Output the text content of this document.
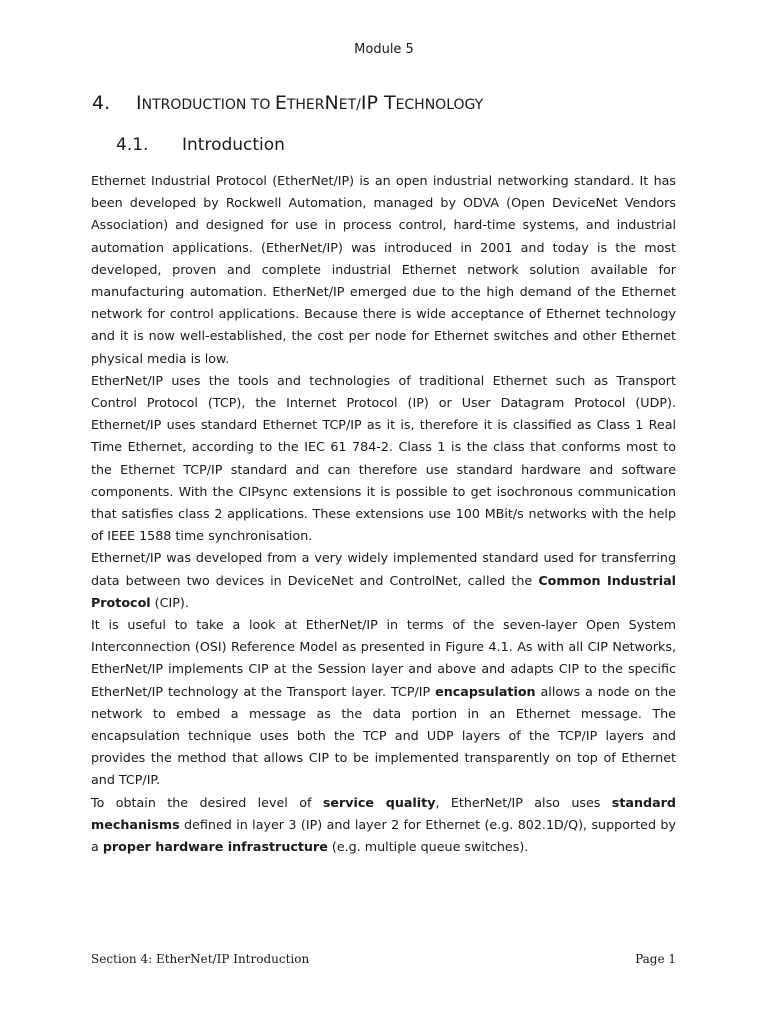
Module 5
4. INTRODUCTION TO ETHERNET/IP TECHNOLOGY
4.1. Introduction

Ethernet Industrial Protocol (EtherNet/IP) is an open industrial networking standard. It has been developed by Rockwell Automation, managed by ODVA (Open DeviceNet Vendors Association) and designed for use in process control, hard-time systems, and industrial automation applications. (EtherNet/IP) was introduced in 2001 and today is the most developed, proven and complete industrial Ethernet network solution available for manufacturing automation. EtherNet/IP emerged due to the high demand of the Ethernet network for control applications. Because there is wide acceptance of Ethernet technology and it is now well-established, the cost per node for Ethernet switches and other Ethernet physical media is low.

EtherNet/IP uses the tools and technologies of traditional Ethernet such as Transport Control Protocol (TCP), the Internet Protocol (IP) or User Datagram Protocol (UDP). Ethernet/IP uses standard Ethernet TCP/IP as it is, therefore it is classified as Class 1 Real Time Ethernet, according to the IEC 61 784-2. Class 1 is the class that conforms most to the Ethernet TCP/IP standard and can therefore use standard hardware and software components. With the CIPsync extensions it is possible to get isochronous communication that satisfies class 2 applications. These extensions use 100 MBit/s networks with the help of IEEE 1588 time synchronisation.

Ethernet/IP was developed from a very widely implemented standard used for transferring data between two devices in DeviceNet and ControlNet, called the Common Industrial Protocol (CIP).

It is useful to take a look at EtherNet/IP in terms of the seven-layer Open System Interconnection (OSI) Reference Model as presented in Figure 4.1. As with all CIP Networks, EtherNet/IP implements CIP at the Session layer and above and adapts CIP to the specific EtherNet/IP technology at the Transport layer. TCP/IP encapsulation allows a node on the network to embed a message as the data portion in an Ethernet message. The encapsulation technique uses both the TCP and UDP layers of the TCP/IP layers and provides the method that allows CIP to be implemented transparently on top of Ethernet and TCP/IP.

To obtain the desired level of service quality, EtherNet/IP also uses standard mechanisms defined in layer 3 (IP) and layer 2 for Ethernet (e.g. 802.1D/Q), supported by a proper hardware infrastructure (e.g. multiple queue switches).

Section 4: EtherNet/IP Introduction	Page 1
